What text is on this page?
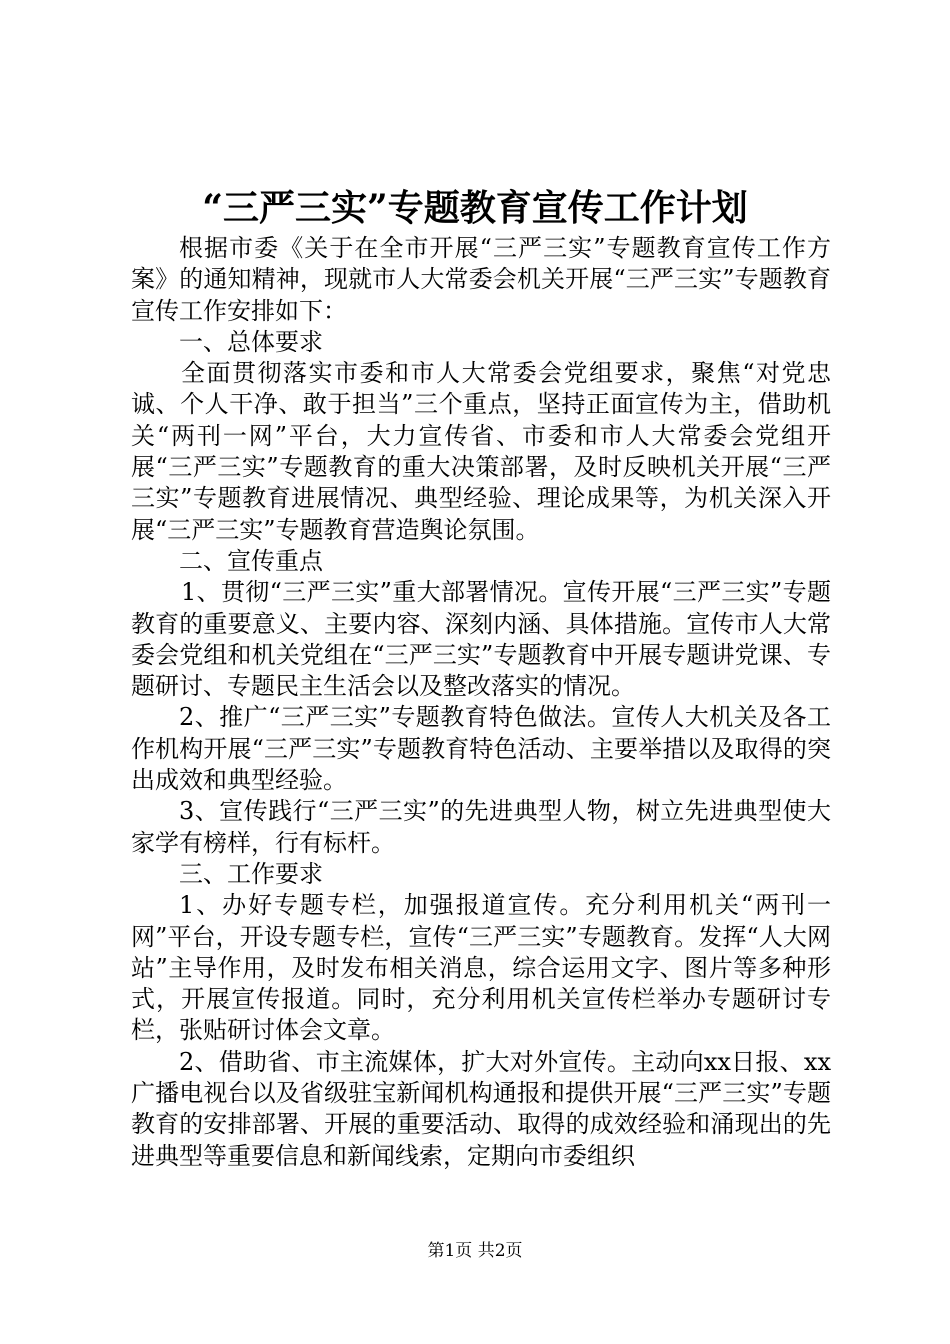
“三严三实”专题教育宣传工作计划

根据市委《关于在全市开展“三严三实”专题教育宣传工作方案》的通知精神，现就市人大常委会机关开展“三严三实”专题教育宣传工作安排如下：

一、总体要求

全面贯彻落实市委和市人大常委会党组要求，聚焦“对党忠诚、个人干净、敢于担当”三个重点，坚持正面宣传为主，借助机关“两刊一网”平台，大力宣传省、市委和市人大常委会党组开展“三严三实”专题教育的重大决策部署，及时反映机关开展“三严三实”专题教育进展情况、典型经验、理论成果等，为机关深入开展“三严三实”专题教育营造舆论氛围。

二、宣传重点

1、贯彻“三严三实”重大部署情况。宣传开展“三严三实”专题教育的重要意义、主要内容、深刻内涵、具体措施。宣传市人大常委会党组和机关党组在“三严三实”专题教育中开展专题讲党课、专题研讨、专题民主生活会以及整改落实的情况。

2、推广“三严三实”专题教育特色做法。宣传人大机关及各工作机构开展“三严三实”专题教育特色活动、主要举措以及取得的突出成效和典型经验。

3、宣传践行“三严三实”的先进典型人物，树立先进典型使大家学有榜样，行有标杆。

三、工作要求

1、办好专题专栏，加强报道宣传。充分利用机关“两刊一网”平台，开设专题专栏，宣传“三严三实”专题教育。发挥“人大网站”主导作用，及时发布相关消息，综合运用文字、图片等多种形式，开展宣传报道。同时，充分利用机关宣传栏举办专题研讨专栏，张贴研讨体会文章。

2、借助省、市主流媒体，扩大对外宣传。主动向xx日报、xx广播电视台以及省级驻宝新闻机构通报和提供开展“三严三实”专题教育的安排部署、开展的重要活动、取得的成效经验和涌现出的先进典型等重要信息和新闻线索，定期向市委组织

第1页 共2页
